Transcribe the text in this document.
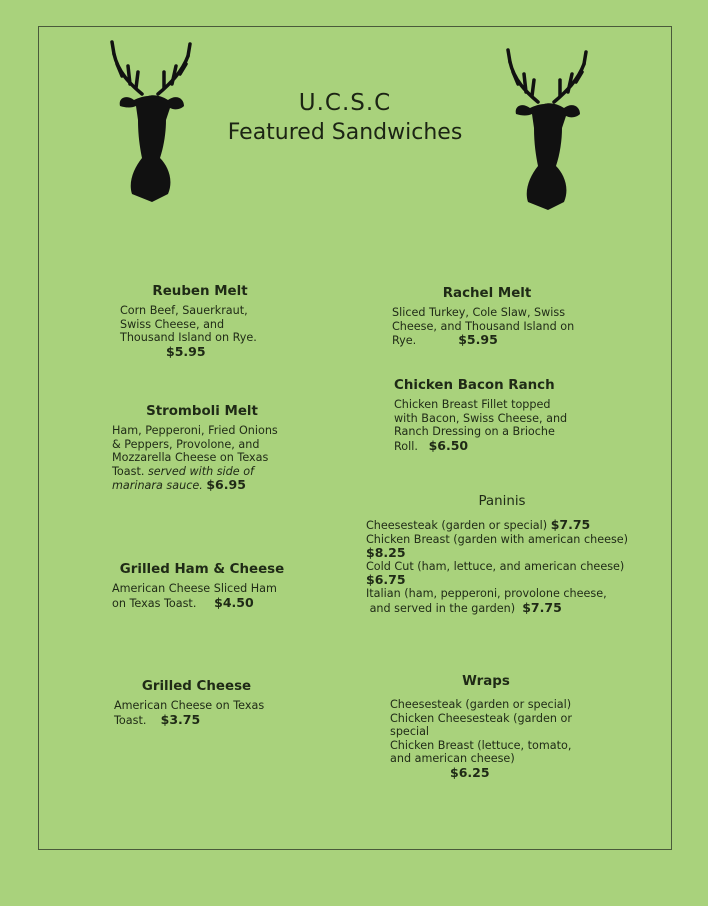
U.C.S.C
Featured Sandwiches
Reuben Melt
Corn Beef, Sauerkraut,
Swiss Cheese, and
Thousand Island on Rye.
$5.95
Stromboli Melt
Ham, Pepperoni, Fried Onions
& Peppers, Provolone, and
Mozzarella Cheese on Texas
Toast. served with side of
marinara sauce. $6.95
Grilled Ham & Cheese
American Cheese Sliced Ham
on Texas Toast. $4.50
Grilled Cheese
American Cheese on Texas
Toast. $3.75
Rachel Melt
Sliced Turkey, Cole Slaw, Swiss
Cheese, and Thousand Island on
Rye.	$5.95
Chicken Bacon Ranch
Chicken Breast Fillet topped
with Bacon, Swiss Cheese, and
Ranch Dressing on a Brioche
Roll. $6.50
Paninis
Cheesesteak (garden or special) $7.75
Chicken Breast (garden with american cheese)
$8.25
Cold Cut (ham, lettuce, and american cheese)
$6.75
Italian (ham, pepperoni, provolone cheese,
and served in the garden) $7.75
Wraps
Cheesesteak (garden or special)
Chicken Cheesesteak (garden or
special
Chicken Breast (lettuce, tomato,
and american cheese)
$6.25
